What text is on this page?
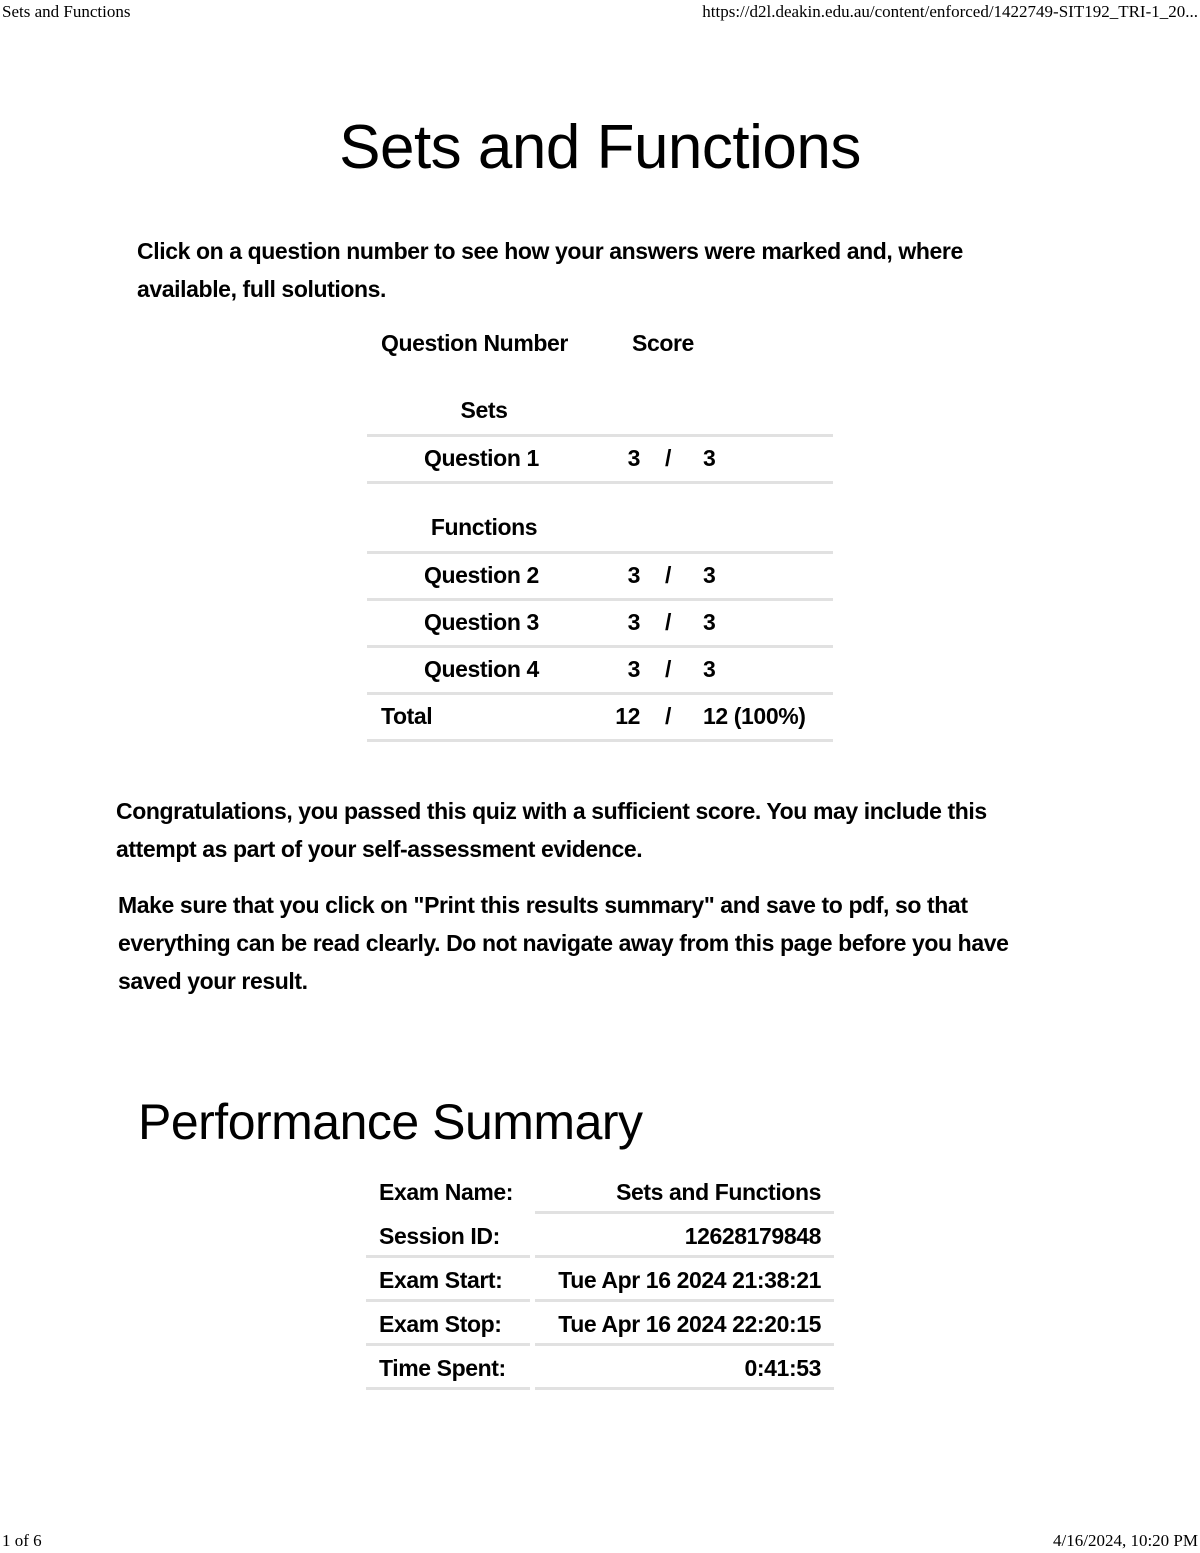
Sets and Functions	https://d2l.deakin.edu.au/content/enforced/1422749-SIT192_TRI-1_20...
Sets and Functions

Click on a question number to see how your answers were marked and, where available, full solutions.

Question Number	Score
Sets
Question 1	3 / 3
Functions
Question 2	3 / 3
Question 3	3 / 3
Question 4	3 / 3
Total	12 / 12 (100%)

Congratulations, you passed this quiz with a sufficient score. You may include this attempt as part of your self-assessment evidence.

Make sure that you click on "Print this results summary" and save to pdf, so that everything can be read clearly. Do not navigate away from this page before you have saved your result.

Performance Summary
Exam Name:	Sets and Functions
Session ID:	12628179848
Exam Start: Tue Apr 16 2024 21:38:21
Exam Stop: Tue Apr 16 2024 22:20:15
Time Spent:	0:41:53
1 of 6	4/16/2024, 10:20 PM
